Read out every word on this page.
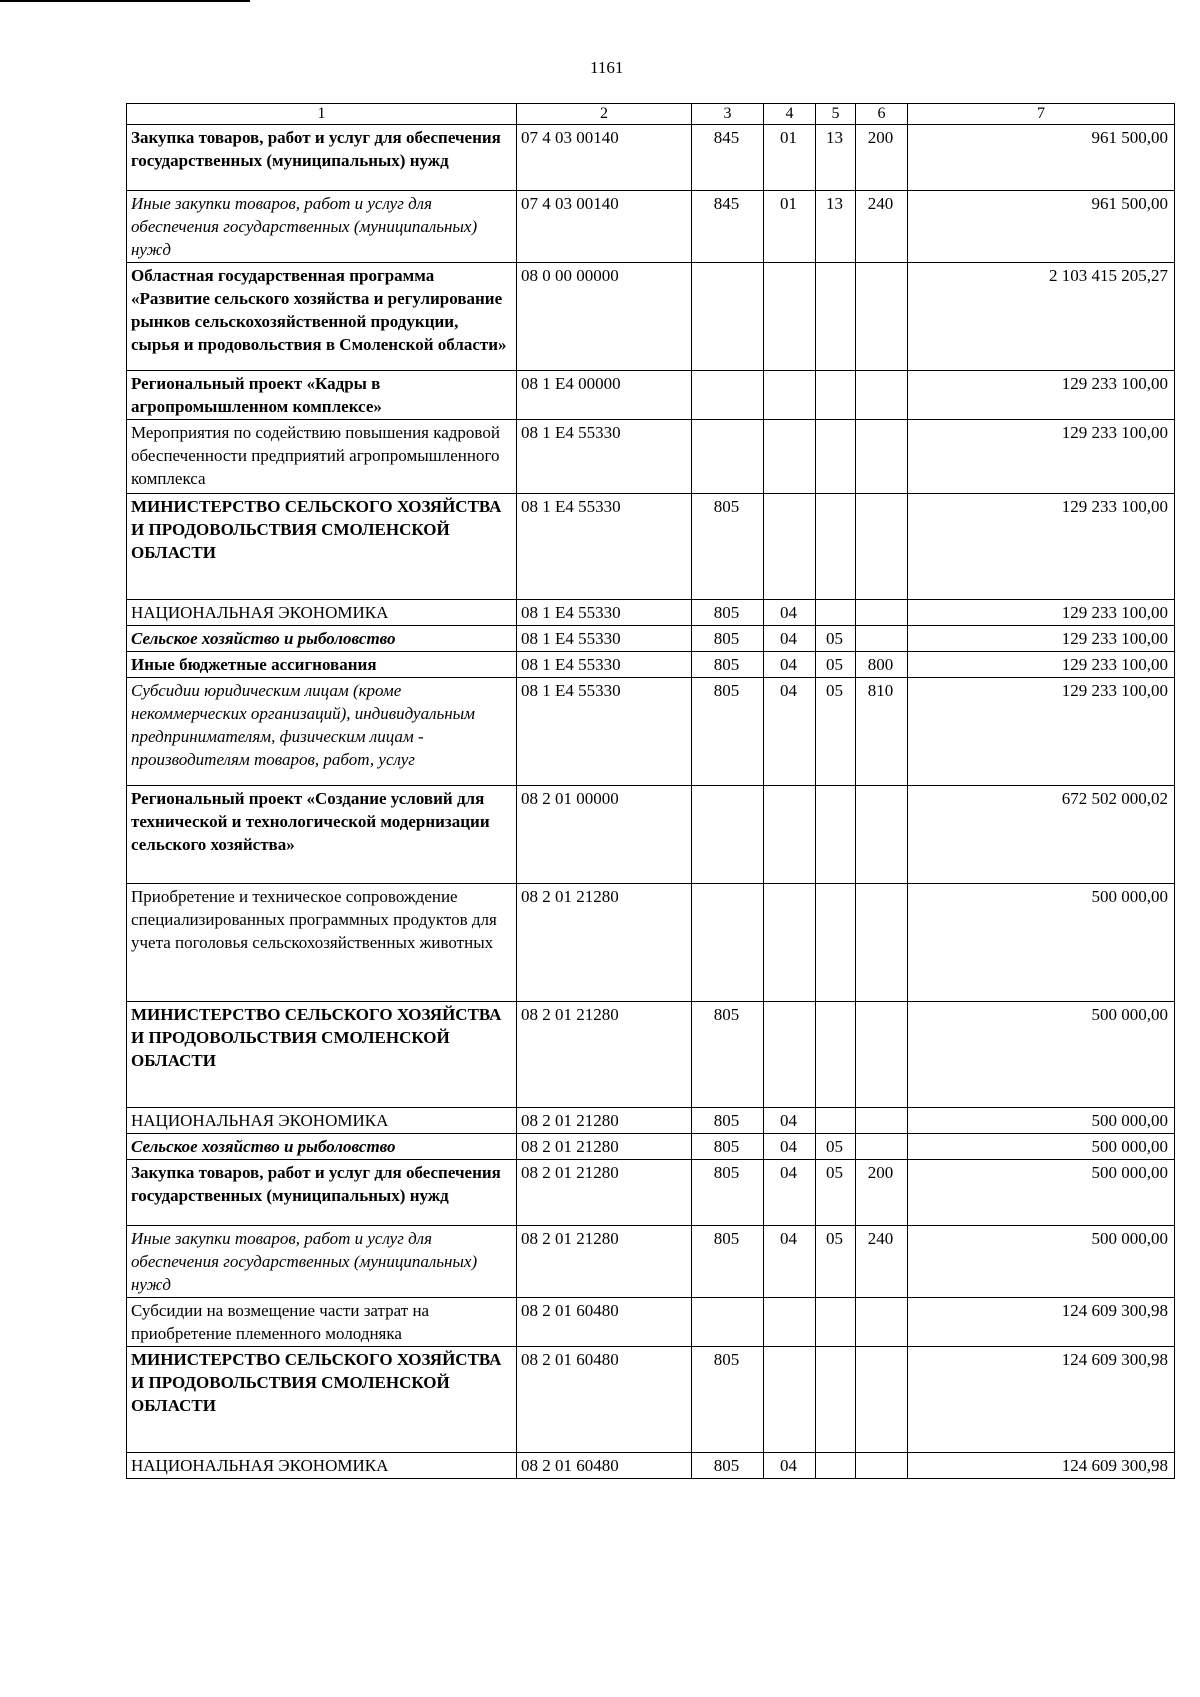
1161
1	2	3	4	5	6	7
Закупка товаров, работ и услуг для обеспечения государственных (муниципальных) нужд	07 4 03 00140	845	01	13	200	961 500,00
Иные закупки товаров, работ и услуг для обеспечения государственных (муниципальных) нужд	07 4 03 00140	845	01	13	240	961 500,00
Областная государственная программа «Развитие сельского хозяйства и регулирование рынков сельскохозяйственной продукции, сырья и продовольствия в Смоленской области»	08 0 00 00000					2 103 415 205,27
Региональный проект «Кадры в агропромышленном комплексе»	08 1 E4 00000					129 233 100,00
Мероприятия по содействию повышения кадровой обеспеченности предприятий агропромышленного комплекса	08 1 E4 55330					129 233 100,00
МИНИСТЕРСТВО СЕЛЬСКОГО ХОЗЯЙСТВА И ПРОДОВОЛЬСТВИЯ СМОЛЕНСКОЙ ОБЛАСТИ	08 1 E4 55330	805				129 233 100,00
НАЦИОНАЛЬНАЯ ЭКОНОМИКА	08 1 E4 55330	805	04			129 233 100,00
Сельское хозяйство и рыболовство	08 1 E4 55330	805	04	05		129 233 100,00
Иные бюджетные ассигнования	08 1 E4 55330	805	04	05	800	129 233 100,00
Субсидии юридическим лицам (кроме некоммерческих организаций), индивидуальным предпринимателям, физическим лицам - производителям товаров, работ, услуг	08 1 E4 55330	805	04	05	810	129 233 100,00
Региональный проект «Создание условий для технической и технологической модернизации сельского хозяйства»	08 2 01 00000					672 502 000,02
Приобретение и техническое сопровождение специализированных программных продуктов для учета поголовья сельскохозяйственных животных	08 2 01 21280					500 000,00
МИНИСТЕРСТВО СЕЛЬСКОГО ХОЗЯЙСТВА И ПРОДОВОЛЬСТВИЯ СМОЛЕНСКОЙ ОБЛАСТИ	08 2 01 21280	805				500 000,00
НАЦИОНАЛЬНАЯ ЭКОНОМИКА	08 2 01 21280	805	04			500 000,00
Сельское хозяйство и рыболовство	08 2 01 21280	805	04	05		500 000,00
Закупка товаров, работ и услуг для обеспечения государственных (муниципальных) нужд	08 2 01 21280	805	04	05	200	500 000,00
Иные закупки товаров, работ и услуг для обеспечения государственных (муниципальных) нужд	08 2 01 21280	805	04	05	240	500 000,00
Субсидии на возмещение части затрат на приобретение племенного молодняка	08 2 01 60480					124 609 300,98
МИНИСТЕРСТВО СЕЛЬСКОГО ХОЗЯЙСТВА И ПРОДОВОЛЬСТВИЯ СМОЛЕНСКОЙ ОБЛАСТИ	08 2 01 60480	805				124 609 300,98
НАЦИОНАЛЬНАЯ ЭКОНОМИКА	08 2 01 60480	805	04			124 609 300,98
